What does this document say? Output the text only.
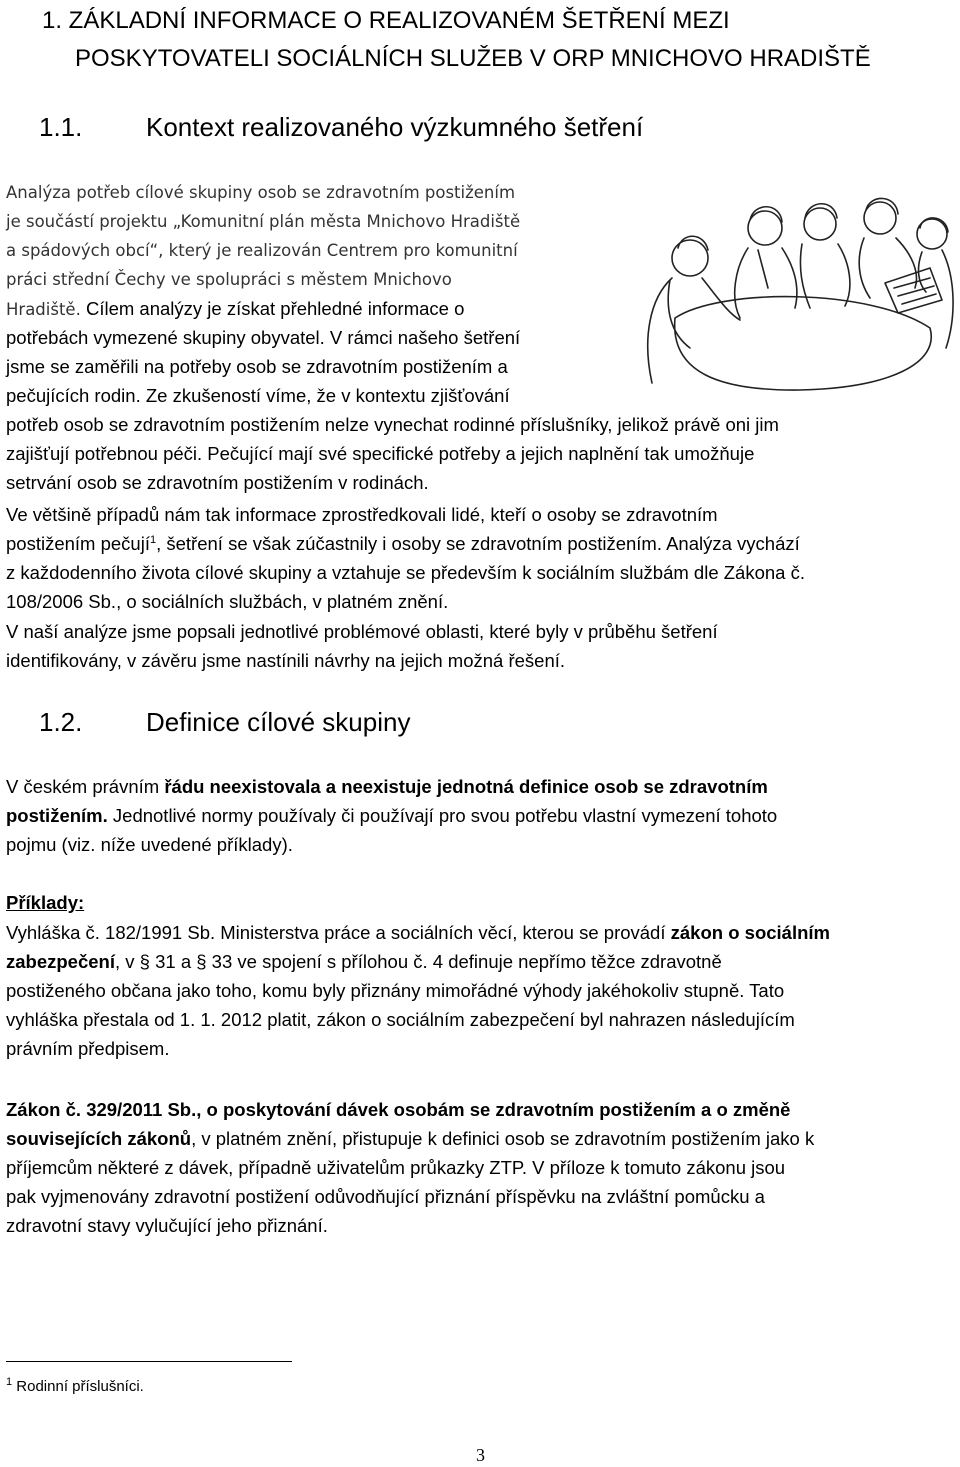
1. ZÁKLADNÍ INFORMACE O REALIZOVANÉM ŠETŘENÍ MEZI
POSKYTOVATELI SOCIÁLNÍCH SLUŽEB V ORP MNICHOVO HRADIŠTĚ
1.1. Kontext realizovaného výzkumného šetření
Analýza potřeb cílové skupiny osob se zdravotním postižením
je součástí projektu „Komunitní plán města Mnichovo Hradiště
a spádových obcí“, který je realizován Centrem pro komunitní
práci střední Čechy ve spolupráci s městem Mnichovo
Hradiště. Cílem analýzy je získat přehledné informace o
potřebách vymezené skupiny obyvatel. V rámci našeho šetření
jsme se zaměřili na potřeby osob se zdravotním postižením a
pečujících rodin. Ze zkušeností víme, že v kontextu zjišťování
potřeb osob se zdravotním postižením nelze vynechat rodinné příslušníky, jelikož právě oni jim
zajišťují potřebnou péči. Pečující mají své specifické potřeby a jejich naplnění tak umožňuje
setrvání osob se zdravotním postižením v rodinách.
Ve většině případů nám tak informace zprostředkovali lidé, kteří o osoby se zdravotním
postižením pečují$^1$, šetření se však zúčastnily i osoby se zdravotním postižením. Analýza vychází
z každodenního života cílové skupiny a vztahuje se především k sociálním službám dle Zákona č.
108/2006 Sb., o sociálních službách, v platném znění.
V naší analýze jsme popsali jednotlivé problémové oblasti, které byly v průběhu šetření
identifikovány, v závěru jsme nastínili návrhy na jejich možná řešení.
1.2. Definice cílové skupiny
V českém právním řádu neexistovala a neexistuje jednotná definice osob se zdravotním
postižením. Jednotlivé normy používaly či používají pro svou potřebu vlastní vymezení tohoto
pojmu (viz. níže uvedené příklady).
Příklady:
Vyhláška č. 182/1991 Sb. Ministerstva práce a sociálních věcí, kterou se provádí zákon o sociálním
zabezpečení, v § 31 a § 33 ve spojení s přílohou č. 4 definuje nepřímo těžce zdravotně
postiženého občana jako toho, komu byly přiznány mimořádné výhody jakéhokoliv stupně. Tato
vyhláška přestala od 1. 1. 2012 platit, zákon o sociálním zabezpečení byl nahrazen následujícím
právním předpisem.
Zákon č. 329/2011 Sb., o poskytování dávek osobám se zdravotním postižením a o změně
souvisejících zákonů, v platném znění, přistupuje k definici osob se zdravotním postižením jako k
příjemcům některé z dávek, případně uživatelům průkazky ZTP. V příloze k tomuto zákonu jsou
pak vyjmenovány zdravotní postižení odůvodňující přiznání příspěvku na zvláštní pomůcku a
zdravotní stavy vylučující jeho přiznání.
$^1$ Rodinní příslušníci.
3
